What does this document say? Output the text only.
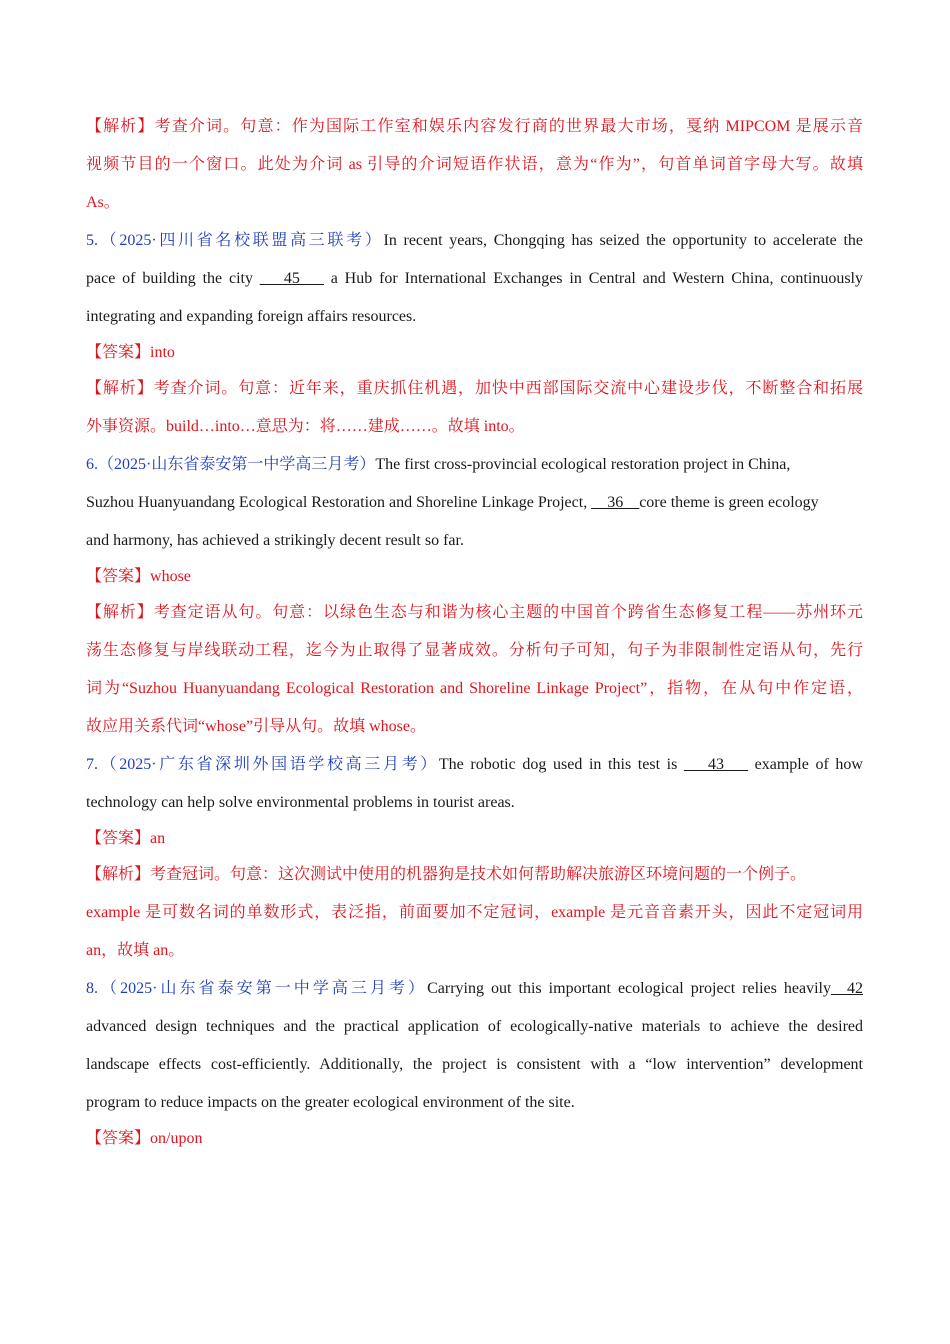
【解析】考查介词。句意：作为国际工作室和娱乐内容发行商的世界最大市场，戛纳 MIPCOM 是展示音

视频节目的一个窗口。此处为介词 as 引导的介词短语作状语，意为“作为”，句首单词首字母大写。故填

As。

5.（2025·四川省名校联盟高三联考）In recent years, Chongqing has seized the opportunity to accelerate the

pace of building the city ___45___ a Hub for International Exchanges in Central and Western China, continuously

integrating and expanding foreign affairs resources.

【答案】into

【解析】考查介词。句意：近年来，重庆抓住机遇，加快中西部国际交流中心建设步伐，不断整合和拓展

外事资源。build…into…意思为：将……建成……。故填 into。

6.（2025·山东省泰安第一中学高三月考）The first cross-provincial ecological restoration project in China,

Suzhou Huanyuandang Ecological Restoration and Shoreline Linkage Project, __36__core theme is green ecology

and harmony, has achieved a strikingly decent result so far.

【答案】whose

【解析】考查定语从句。句意：以绿色生态与和谐为核心主题的中国首个跨省生态修复工程——苏州环元

荡生态修复与岸线联动工程，迄今为止取得了显著成效。分析句子可知，句子为非限制性定语从句，先行

词为“Suzhou Huanyuandang Ecological Restoration and Shoreline Linkage Project”，指物，在从句中作定语，

故应用关系代词“whose”引导从句。故填 whose。

7.（2025·广东省深圳外国语学校高三月考）The robotic dog used in this test is ___43___ example of how

technology can help solve environmental problems in tourist areas.

【答案】an

【解析】考查冠词。句意：这次测试中使用的机器狗是技术如何帮助解决旅游区环境问题的一个例子。

example 是可数名词的单数形式，表泛指，前面要加不定冠词，example 是元音音素开头，因此不定冠词用

an，故填 an。

8.（2025·山东省泰安第一中学高三月考）Carrying out this important ecological project relies heavily__42

advanced design techniques and the practical application of ecologically-native materials to achieve the desired

landscape effects cost-efficiently. Additionally, the project is consistent with a “low intervention” development

program to reduce impacts on the greater ecological environment of the site.

【答案】on/upon
